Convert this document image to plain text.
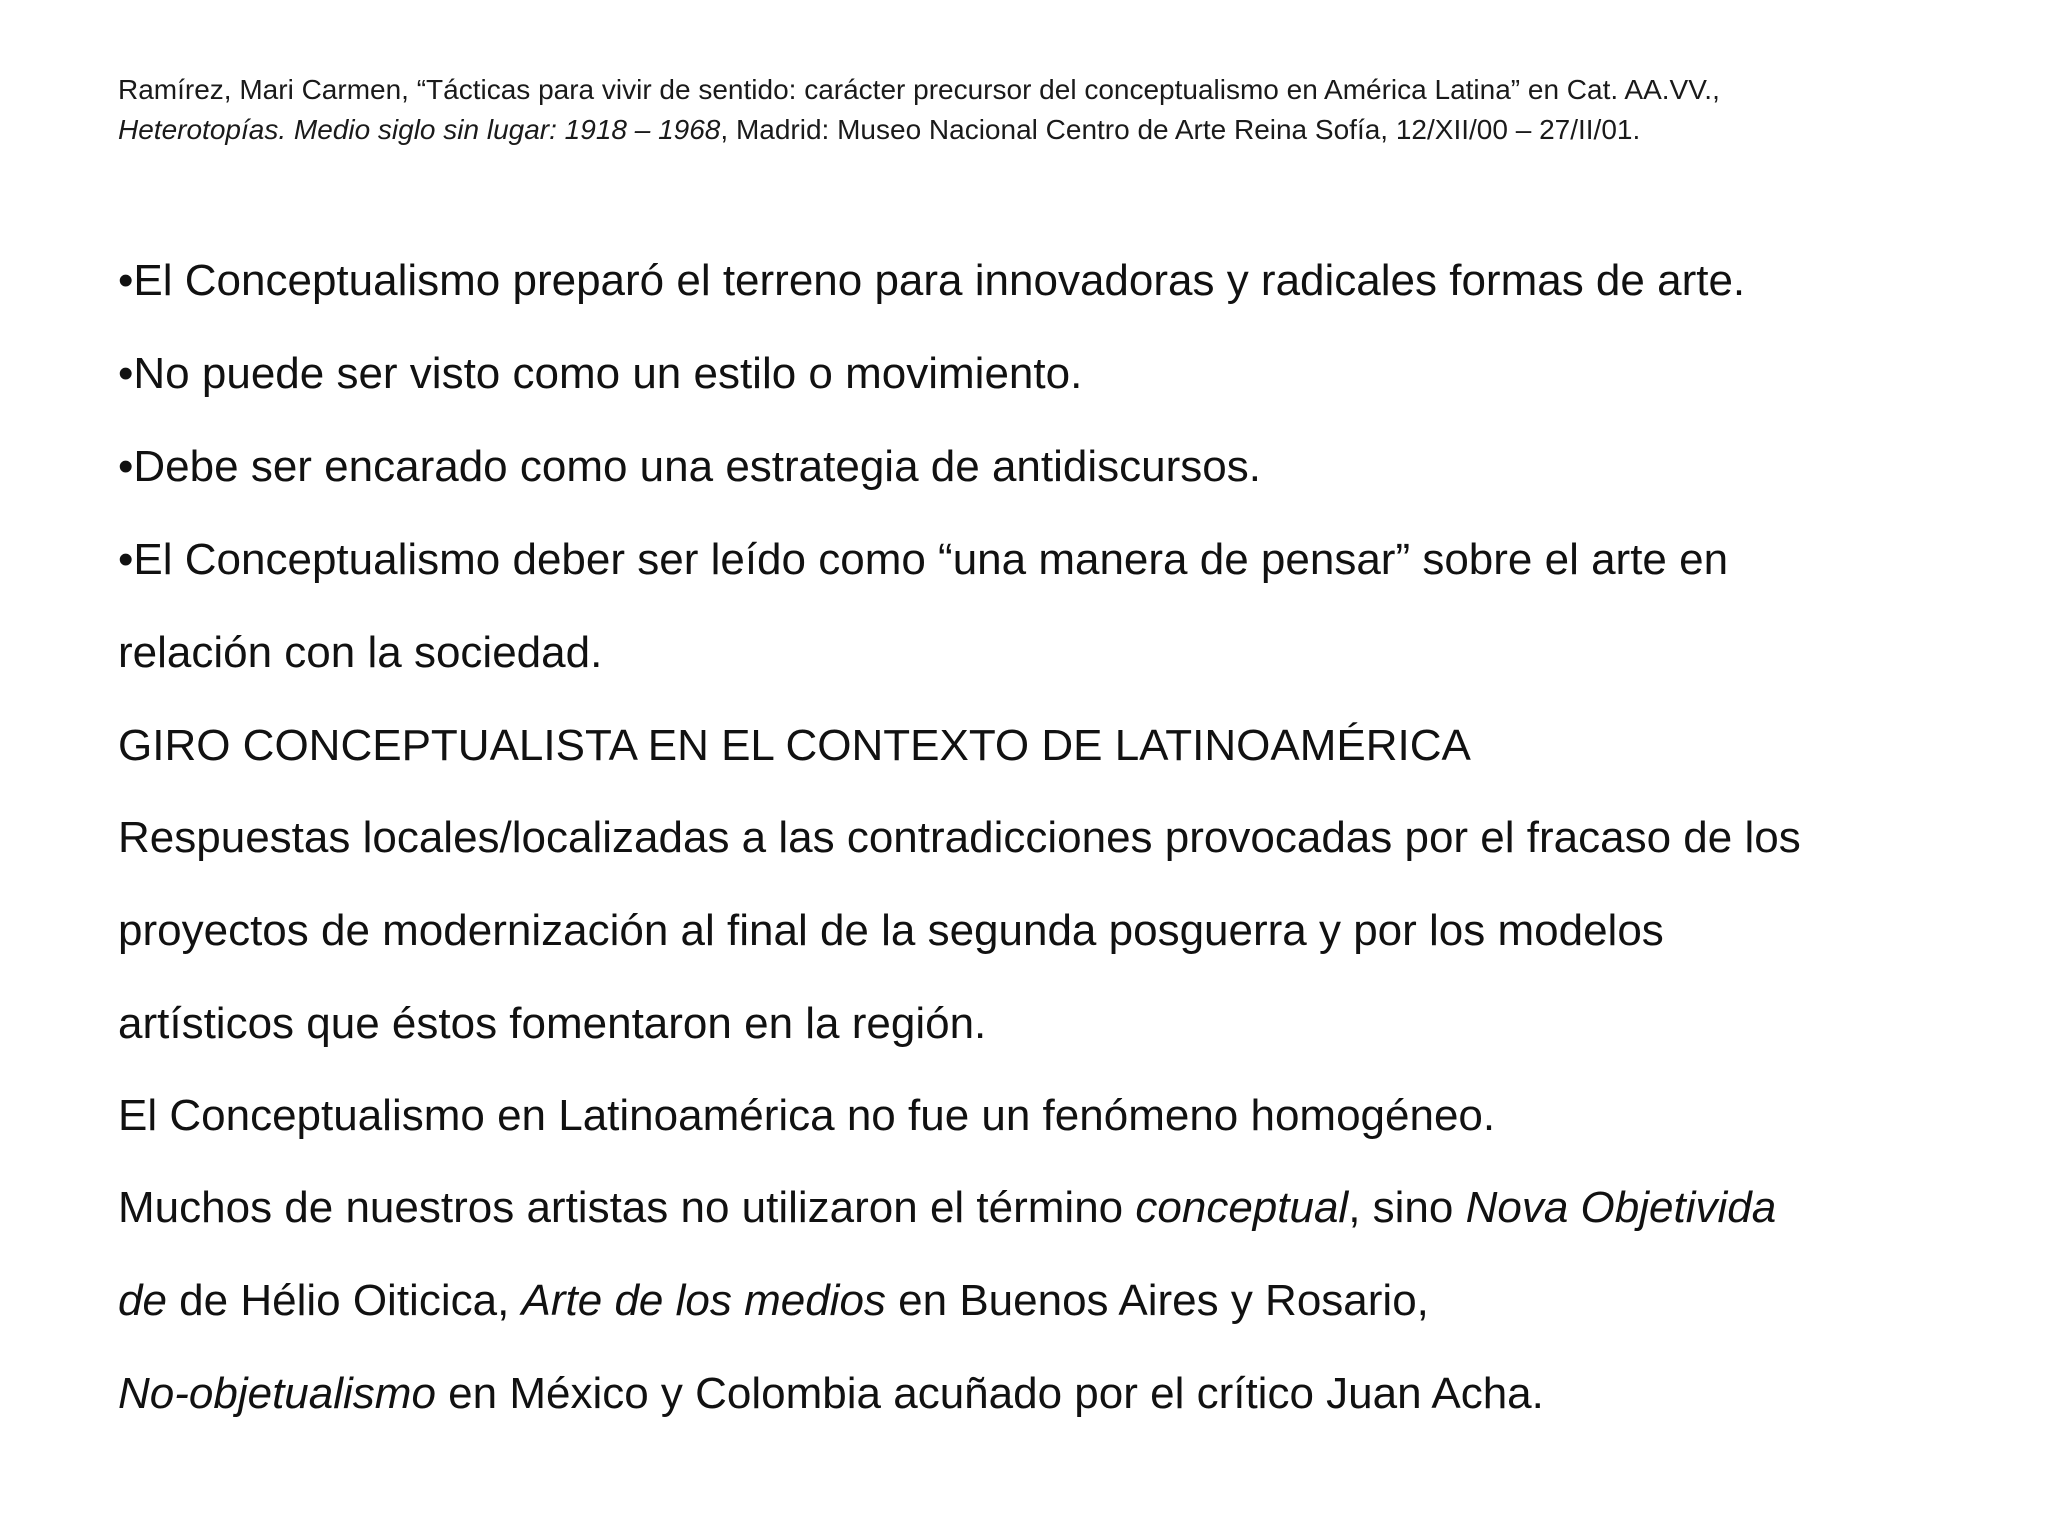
Ramírez, Mari Carmen, “Tácticas para vivir de sentido: carácter precursor del conceptualismo en América Latina” en Cat. AA.VV.,
Heterotopías. Medio siglo sin lugar: 1918 – 1968, Madrid: Museo Nacional Centro de Arte Reina Sofía, 12/XII/00 – 27/II/01.
•El Conceptualismo preparó el terreno para innovadoras y radicales formas de arte.
•No puede ser visto como un estilo o movimiento.
•Debe ser encarado como una estrategia de antidiscursos.
•El Conceptualismo deber ser leído como “una manera de pensar” sobre el arte en
relación con la sociedad.
GIRO CONCEPTUALISTA EN EL CONTEXTO DE LATINOAMÉRICA
Respuestas locales/localizadas a las contradicciones provocadas por el fracaso de los
proyectos de modernización al final de la segunda posguerra y por los modelos
artísticos que éstos fomentaron en la región.
El Conceptualismo en Latinoamérica no fue un fenómeno homogéneo.
Muchos de nuestros artistas no utilizaron el término conceptual, sino Nova Objetivida
de de Hélio Oiticica, Arte de los medios en Buenos Aires y Rosario,
No-objetualismo en México y Colombia acuñado por el crítico Juan Acha.
